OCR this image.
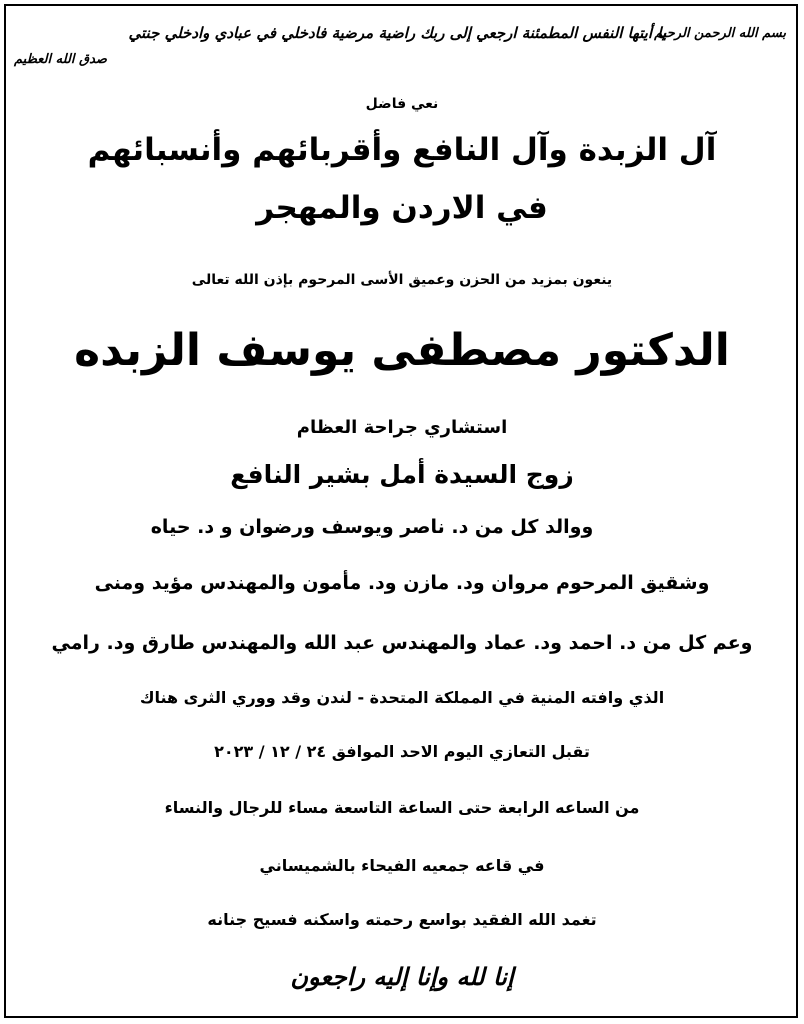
بسم الله الرحمن الرحيم
يا أيتها النفس المطمئنة ارجعي إلى ربك راضية مرضية فادخلي في عبادي وادخلي جنتي
صدق الله العظيم
نعي فاضل
آل الزبدة وآل النافع وأقربائهم وأنسبائهم
في الاردن والمهجر
ينعون بمزيد من الحزن وعميق الأسى المرحوم بإذن الله تعالى
الدكتور مصطفى يوسف الزبده
استشاري جراحة العظام
زوج السيدة أمل بشير النافع
ووالد كل من د. ناصر ويوسف ورضوان و د. حياه
وشقيق المرحوم مروان ود. مازن ود. مأمون والمهندس مؤيد ومنى
وعم كل من د. احمد ود. عماد والمهندس عبد الله والمهندس طارق ود. رامي
الذي وافته المنية في المملكة المتحدة - لندن وقد ووري الثرى هناك
تقبل التعازي اليوم الاحد الموافق ٢٤ / ١٢ / ٢٠٢٣
من الساعه الرابعة حتى الساعة التاسعة مساء للرجال والنساء
في قاعه جمعيه الفيحاء بالشميساني
تغمد الله الفقيد بواسع رحمته واسكنه فسيح جنانه
إنا لله وإنا إليه راجعون
